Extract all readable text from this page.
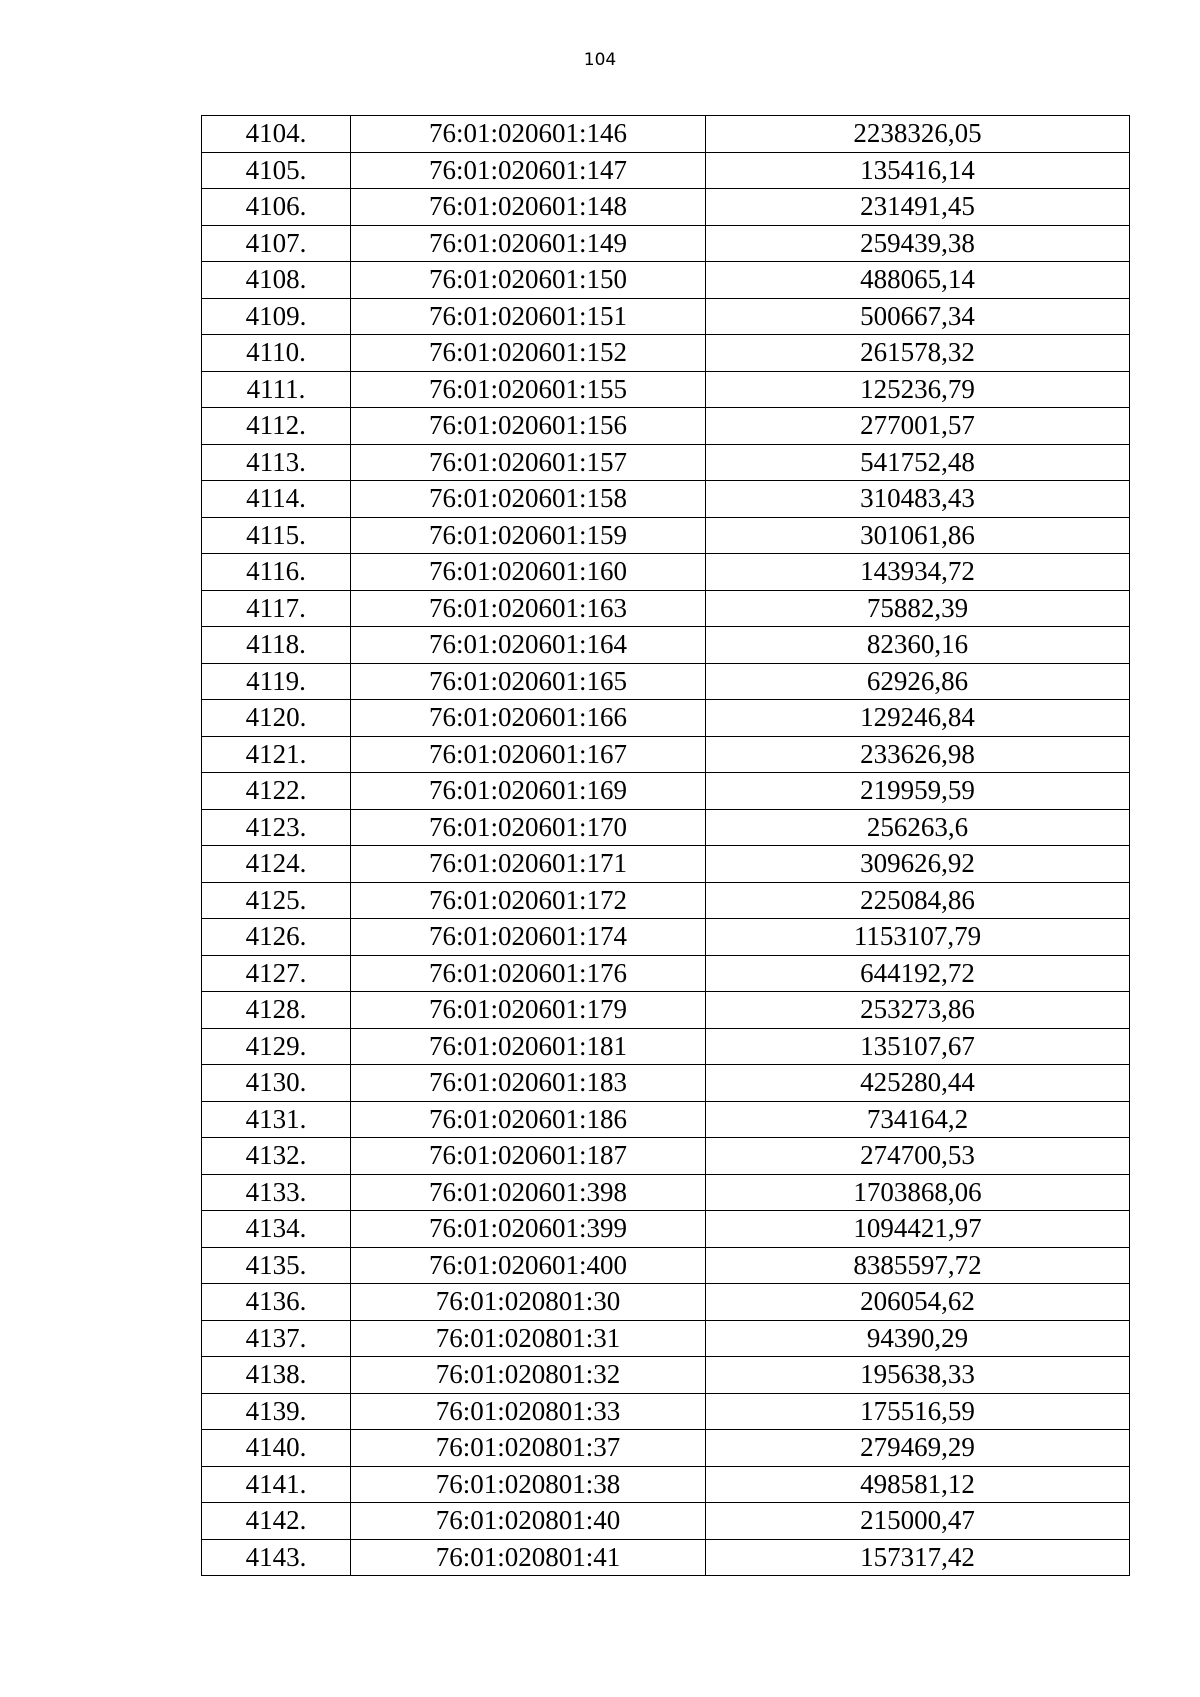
104
4104.	76:01:020601:146	2238326,05
4105.	76:01:020601:147	135416,14
4106.	76:01:020601:148	231491,45
4107.	76:01:020601:149	259439,38
4108.	76:01:020601:150	488065,14
4109.	76:01:020601:151	500667,34
4110.	76:01:020601:152	261578,32
4111.	76:01:020601:155	125236,79
4112.	76:01:020601:156	277001,57
4113.	76:01:020601:157	541752,48
4114.	76:01:020601:158	310483,43
4115.	76:01:020601:159	301061,86
4116.	76:01:020601:160	143934,72
4117.	76:01:020601:163	75882,39
4118.	76:01:020601:164	82360,16
4119.	76:01:020601:165	62926,86
4120.	76:01:020601:166	129246,84
4121.	76:01:020601:167	233626,98
4122.	76:01:020601:169	219959,59
4123.	76:01:020601:170	256263,6
4124.	76:01:020601:171	309626,92
4125.	76:01:020601:172	225084,86
4126.	76:01:020601:174	1153107,79
4127.	76:01:020601:176	644192,72
4128.	76:01:020601:179	253273,86
4129.	76:01:020601:181	135107,67
4130.	76:01:020601:183	425280,44
4131.	76:01:020601:186	734164,2
4132.	76:01:020601:187	274700,53
4133.	76:01:020601:398	1703868,06
4134.	76:01:020601:399	1094421,97
4135.	76:01:020601:400	8385597,72
4136.	76:01:020801:30	206054,62
4137.	76:01:020801:31	94390,29
4138.	76:01:020801:32	195638,33
4139.	76:01:020801:33	175516,59
4140.	76:01:020801:37	279469,29
4141.	76:01:020801:38	498581,12
4142.	76:01:020801:40	215000,47
4143.	76:01:020801:41	157317,42
